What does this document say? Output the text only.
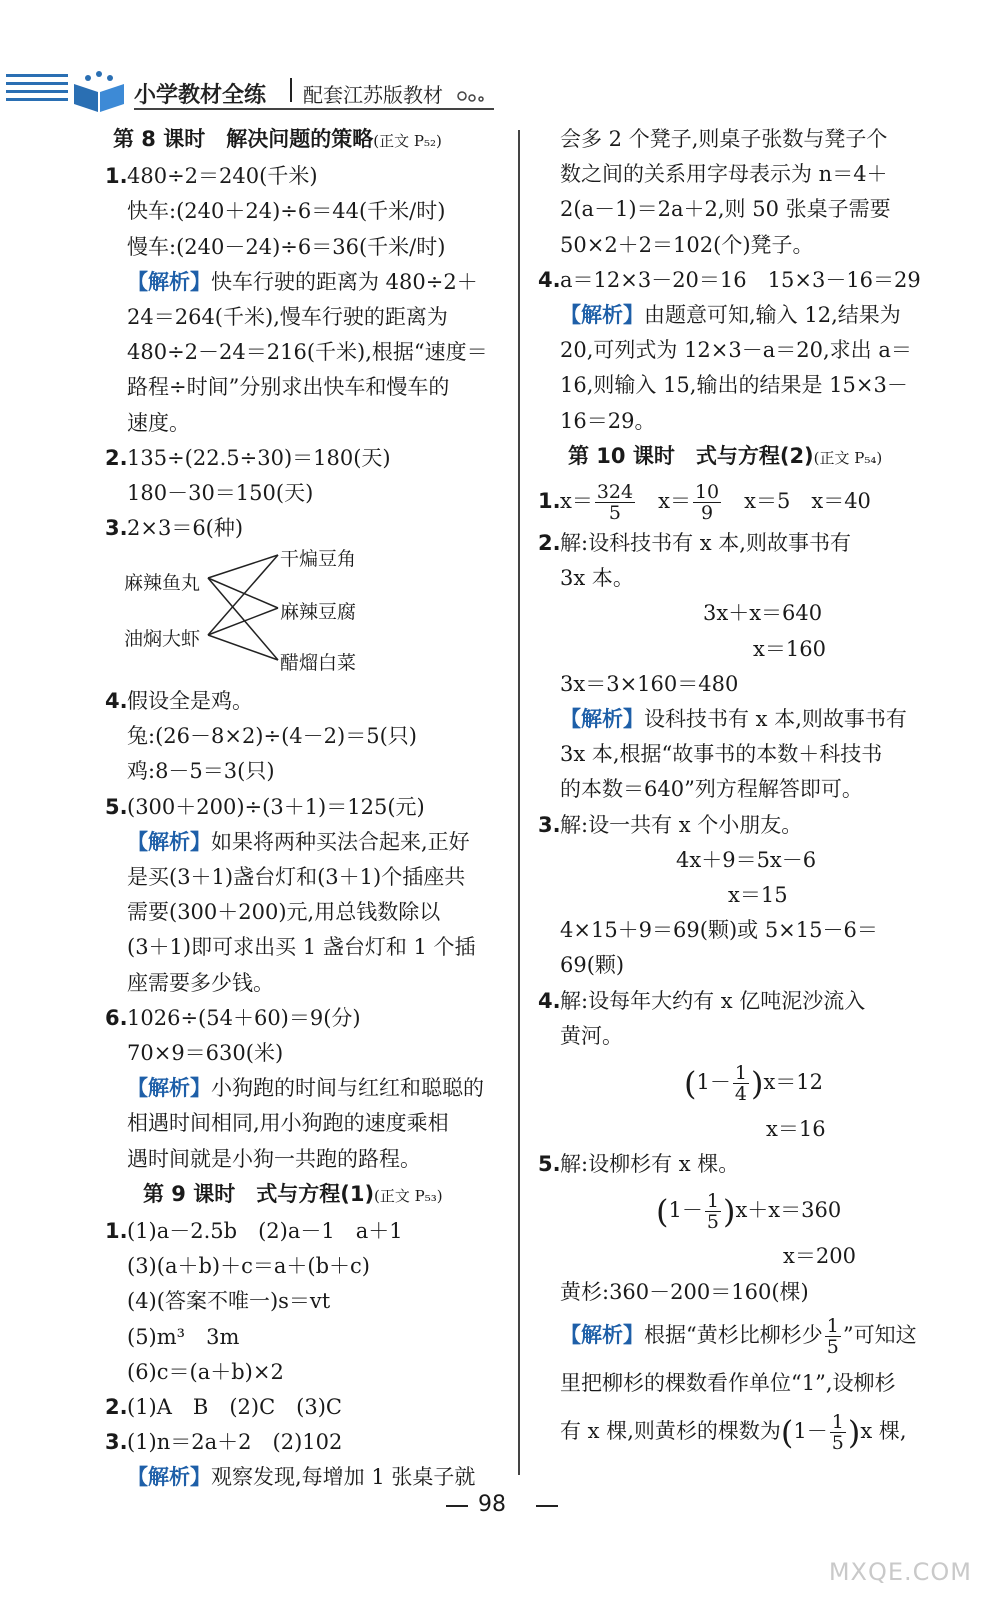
小学教材全练 配套江苏版教材
第 8 课时　解决问题的策略(正文 P₅₂)
1.480÷2＝240(千米)
快车:(240＋24)÷6＝44(千米/时)
慢车:(240－24)÷6＝36(千米/时)
【解析】快车行驶的距离为 480÷2＋
24＝264(千米),慢车行驶的距离为
480÷2－24＝216(千米),根据“速度＝
路程÷时间”分别求出快车和慢车的
速度。
2.135÷(22.5÷30)＝180(天)
180－30＝150(天)
3.2×3＝6(种)
麻辣鱼丸
油焖大虾
干煸豆角
麻辣豆腐
醋熘白菜
4.假设全是鸡。
兔:(26－8×2)÷(4－2)＝5(只)
鸡:8－5＝3(只)
5.(300＋200)÷(3＋1)＝125(元)
【解析】如果将两种买法合起来,正好
是买(3＋1)盏台灯和(3＋1)个插座共
需要(300＋200)元,用总钱数除以
(3＋1)即可求出买 1 盏台灯和 1 个插
座需要多少钱。
6.1026÷(54＋60)＝9(分)
70×9＝630(米)
【解析】小狗跑的时间与红红和聪聪的
相遇时间相同,用小狗跑的速度乘相
遇时间就是小狗一共跑的路程。
第 9 课时　式与方程(1)(正文 P₅₃)
1.(1)a－2.5b　(2)a－1　a＋1
(3)(a＋b)＋c＝a＋(b＋c)
(4)(答案不唯一)s＝vt
(5)m³　3m
(6)c＝(a＋b)×2
2.(1)A　B　(2)C　(3)C
3.(1)n＝2a＋2　(2)102
【解析】观察发现,每增加 1 张桌子就
会多 2 个凳子,则桌子张数与凳子个
数之间的关系用字母表示为 n＝4＋
2(a－1)＝2a＋2,则 50 张桌子需要
50×2＋2＝102(个)凳子。
4.a＝12×3－20＝16　15×3－16＝29
【解析】由题意可知,输入 12,结果为
20,可列式为 12×3－a＝20,求出 a＝
16,则输入 15,输出的结果是 15×3－
16＝29。
第 10 课时　式与方程(2)(正文 P₅₄)
$1.x= \frac{324}{5}$
　 $x= \frac{10}{9}$
　 x＝5　x＝40
2.解:设科技书有 x 本,则故事书有
3x 本。
3x＋x＝640
x＝160
3x＝3×160＝480
【解析】设科技书有 x 本,则故事书有
3x 本,根据“故事书的本数＋科技书
的本数＝640”列方程解答即可。
3.解:设一共有 x 个小朋友。
4x＋9＝5x－6
x＝15
4×15＋9＝69(颗)或 5×15－6＝
69(颗)
4.解:设每年大约有 x 亿吨泥沙流入
黄河。
$(1- \frac{1}{4} )x=12$
x＝16
5.解:设柳杉有 x 棵。
$(1- \frac{1}{5} )x+x=360$
x＝200
黄杉:360－200＝160(棵)
【解析】根据“黄杉比柳杉少 $\frac{1}{5}$ ”可知这
里把柳杉的棵数看作单位“1”,设柳杉
有 x 棵,则黄杉的棵数为$(1- \frac{1}{5} )x$ 棵,
98
MXQE.COM
